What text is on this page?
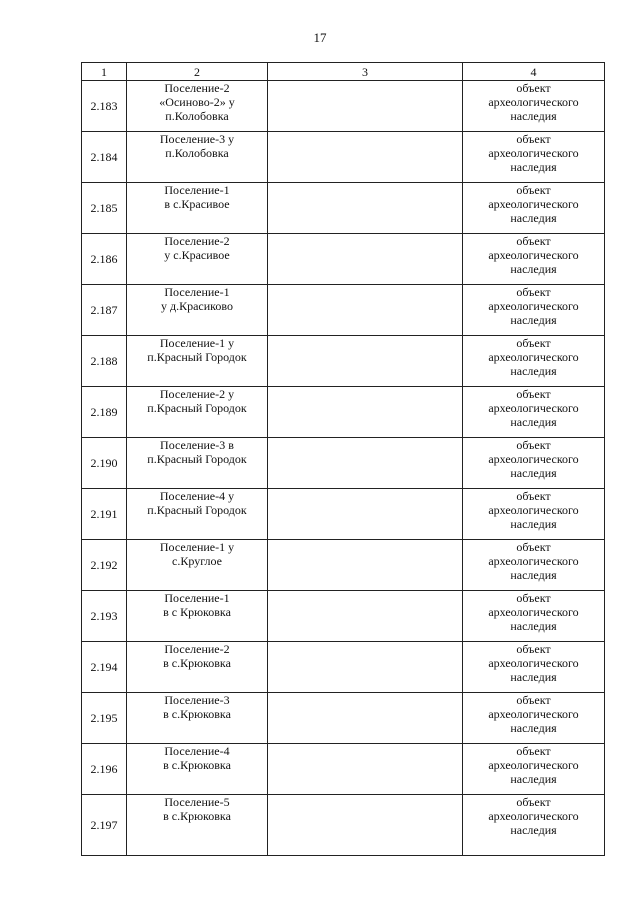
17
1	2	3	4
2.183	Поселение-2
«Осиново-2» у
п.Колобовка		объект
археологического
наследия

2.184	Поселение-3 у
п.Колобовка		объект
археологического
наследия

2.185	Поселение-1
в с.Красивое		объект
археологического
наследия

2.186	Поселение-2
у с.Красивое		объект
археологического
наследия

2.187	Поселение-1
у д.Красиково		объект
археологического
наследия

2.188	Поселение-1 у
п.Красный Городок		объект
археологического
наследия

2.189	Поселение-2 у
п.Красный Городок		объект
археологического
наследия

2.190	Поселение-3 в
п.Красный Городок		объект
археологического
наследия

2.191	Поселение-4 у
п.Красный Городок		объект
археологического
наследия

2.192	Поселение-1 у
с.Круглое		объект
археологического
наследия

2.193	Поселение-1
в с Крюковка		объект
археологического
наследия

2.194	Поселение-2
в с.Крюковка		объект
археологического
наследия

2.195	Поселение-3
в с.Крюковка		объект
археологического
наследия

2.196	Поселение-4
в с.Крюковка		объект
археологического
наследия

2.197	Поселение-5
в с.Крюковка		объект
археологического
наследия
